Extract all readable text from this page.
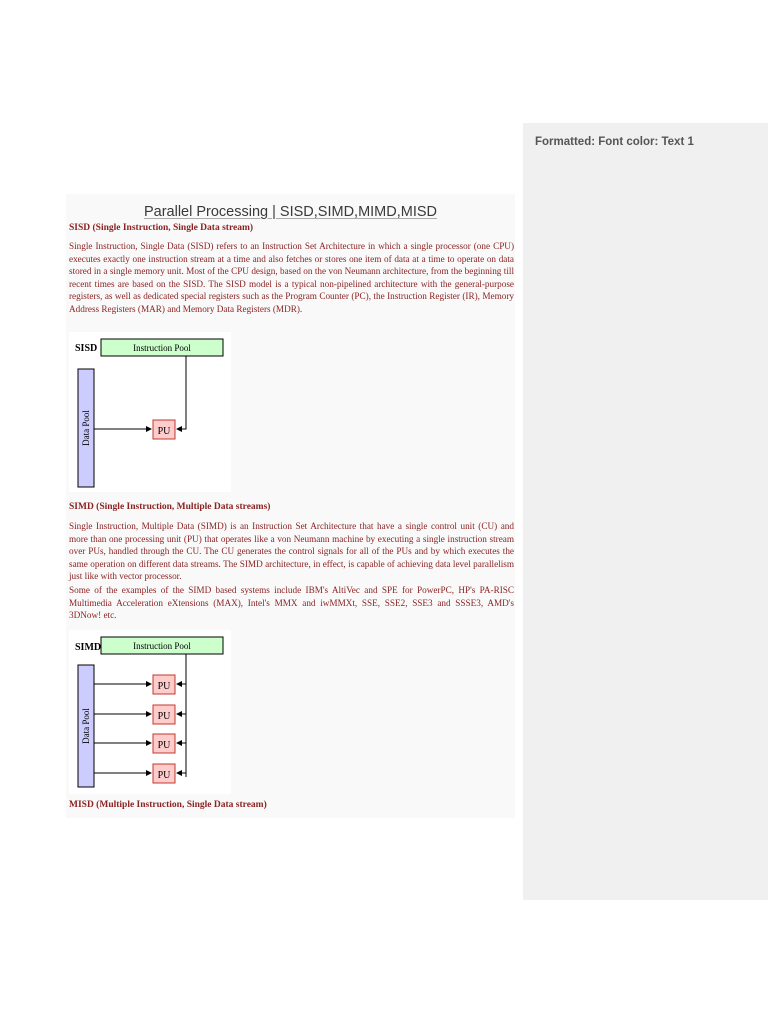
Formatted: Font color: Text 1
Parallel Processing | SISD,SIMD,MIMD,MISD
SISD (Single Instruction, Single Data stream)

Single Instruction, Single Data (SISD) refers to an Instruction Set Architecture in which a single processor (one CPU) executes exactly one instruction stream at a time and also fetches or stores one item of data at a time to operate on data stored in a single memory unit. Most of the CPU design, based on the von Neumann architecture, from the beginning till recent times are based on the SISD. The SISD model is a typical non-pipelined architecture with the general-purpose registers, as well as dedicated special registers such as the Program Counter (PC), the Instruction Register (IR), Memory Address Registers (MAR) and Memory Data Registers (MDR).

SISD	Instruction Pool
Data Pool	PU
SIMD (Single Instruction, Multiple Data streams)

Single Instruction, Multiple Data (SIMD) is an Instruction Set Architecture that have a single control unit (CU) and more than one processing unit (PU) that operates like a von Neumann machine by executing a single instruction stream over PUs, handled through the CU. The CU generates the control signals for all of the PUs and by which executes the same operation on different data streams. The SIMD architecture, in effect, is capable of achieving data level parallelism just like with vector processor.

Some of the examples of the SIMD based systems include IBM's AltiVec and SPE for PowerPC, HP's PA-RISC Multimedia Acceleration eXtensions (MAX), Intel's MMX and iwMMXt, SSE, SSE2, SSE3 and SSSE3, AMD's 3DNow! etc.

SIMD	Instruction Pool
Data Pool
PU
PU
PU
PU
MISD (Multiple Instruction, Single Data stream)
